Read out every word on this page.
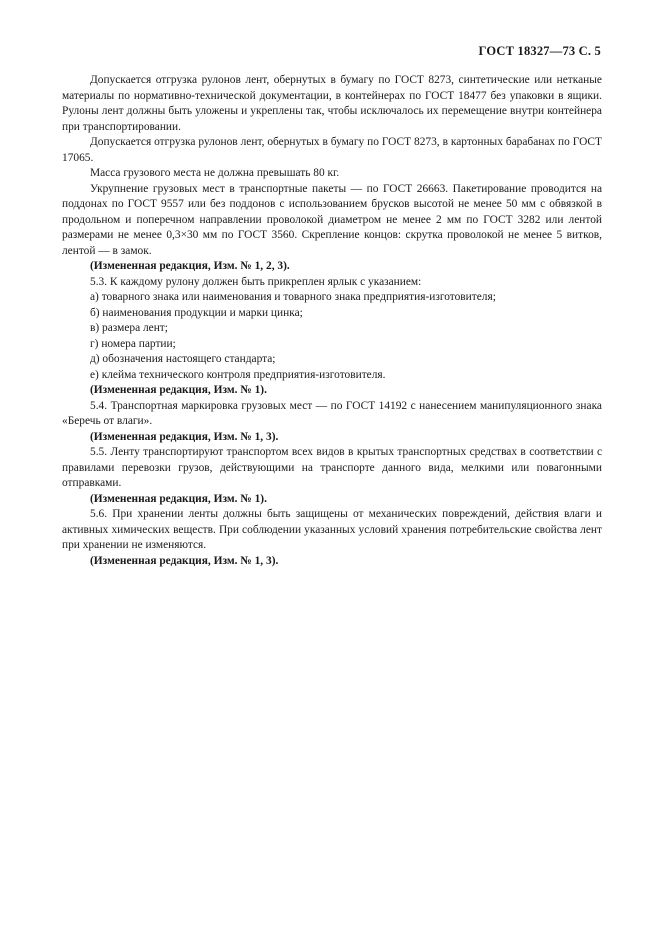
ГОСТ 18327—73 С. 5

Допускается отгрузка рулонов лент, обернутых в бумагу по ГОСТ 8273, синтетические или нетканые материалы по нормативно-технической документации, в контейнерах по ГОСТ 18477 без упаковки в ящики. Рулоны лент должны быть уложены и укреплены так, чтобы исключалось их перемещение внутри контейнера при транспортировании.

Допускается отгрузка рулонов лент, обернутых в бумагу по ГОСТ 8273, в картонных барабанах по ГОСТ 17065.

Масса грузового места не должна превышать 80 кг.

Укрупнение грузовых мест в транспортные пакеты — по ГОСТ 26663. Пакетирование проводится на поддонах по ГОСТ 9557 или без поддонов с использованием брусков высотой не менее 50 мм с обвязкой в продольном и поперечном направлении проволокой диаметром не менее 2 мм по ГОСТ 3282 или лентой размерами не менее 0,3×30 мм по ГОСТ 3560. Скрепление концов: скрутка проволокой не менее 5 витков, лентой — в замок.

(Измененная редакция, Изм. № 1, 2, 3).

5.3. К каждому рулону должен быть прикреплен ярлык с указанием:

а) товарного знака или наименования и товарного знака предприятия-изготовителя;

б) наименования продукции и марки цинка;

в) размера лент;

г) номера партии;

д) обозначения настоящего стандарта;

е) клейма технического контроля предприятия-изготовителя.

(Измененная редакция, Изм. № 1).

5.4. Транспортная маркировка грузовых мест — по ГОСТ 14192 с нанесением манипуляционного знака «Беречь от влаги».

(Измененная редакция, Изм. № 1, 3).

5.5. Ленту транспортируют транспортом всех видов в крытых транспортных средствах в соответствии с правилами перевозки грузов, действующими на транспорте данного вида, мелкими или повагонными отправками.

(Измененная редакция, Изм. № 1).

5.6. При хранении ленты должны быть защищены от механических повреждений, действия влаги и активных химических веществ. При соблюдении указанных условий хранения потребительские свойства лент при хранении не изменяются.

(Измененная редакция, Изм. № 1, 3).
